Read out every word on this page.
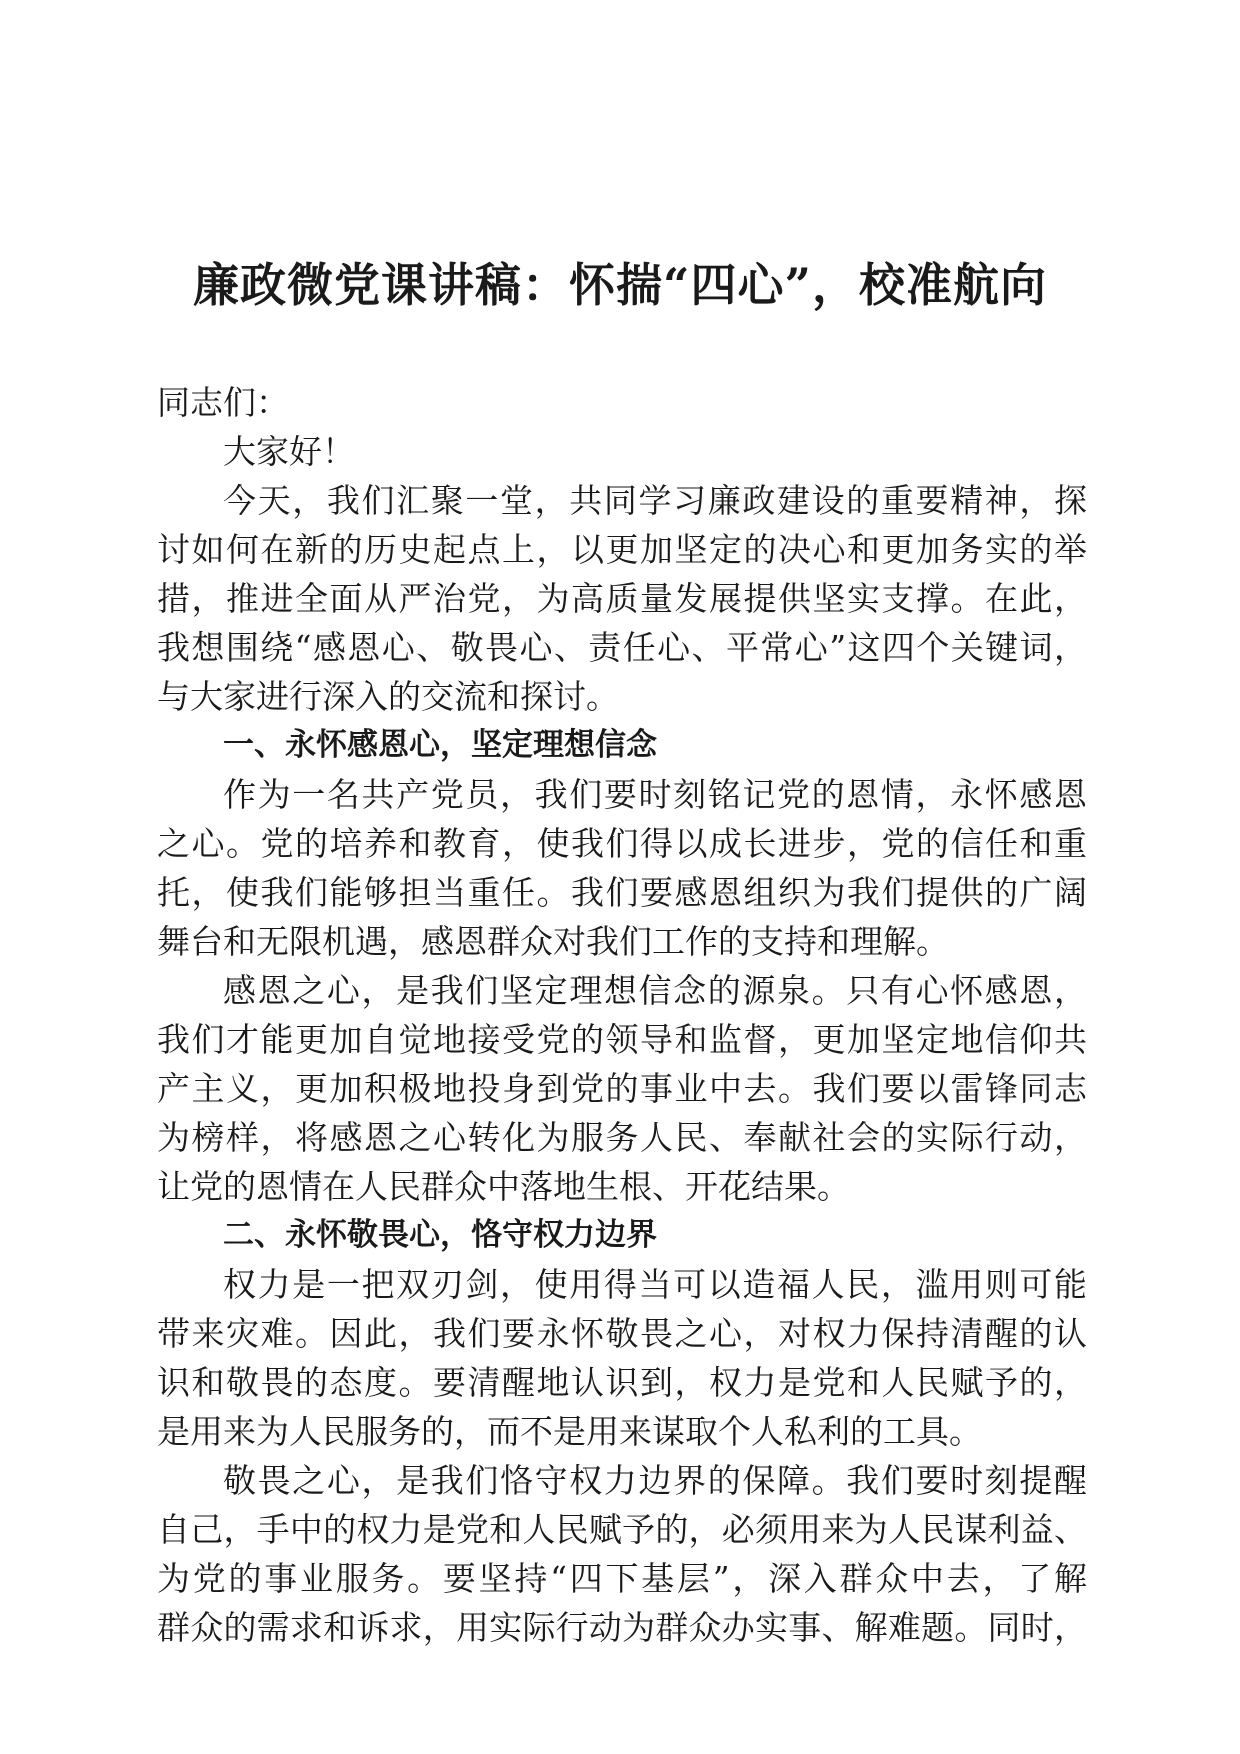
廉政微党课讲稿：怀揣“四心”，校准航向
同志们：
大家好！
今天，我们汇聚一堂，共同学习廉政建设的重要精神，探
讨如何在新的历史起点上，以更加坚定的决心和更加务实的举
措，推进全面从严治党，为高质量发展提供坚实支撑。在此，
我想围绕“感恩心、敬畏心、责任心、平常心”这四个关键词，
与大家进行深入的交流和探讨。
一、永怀感恩心，坚定理想信念
作为一名共产党员，我们要时刻铭记党的恩情，永怀感恩
之心。党的培养和教育，使我们得以成长进步，党的信任和重
托，使我们能够担当重任。我们要感恩组织为我们提供的广阔
舞台和无限机遇，感恩群众对我们工作的支持和理解。
感恩之心，是我们坚定理想信念的源泉。只有心怀感恩，
我们才能更加自觉地接受党的领导和监督，更加坚定地信仰共
产主义，更加积极地投身到党的事业中去。我们要以雷锋同志
为榜样，将感恩之心转化为服务人民、奉献社会的实际行动，
让党的恩情在人民群众中落地生根、开花结果。
二、永怀敬畏心，恪守权力边界
权力是一把双刃剑，使用得当可以造福人民，滥用则可能
带来灾难。因此，我们要永怀敬畏之心，对权力保持清醒的认
识和敬畏的态度。要清醒地认识到，权力是党和人民赋予的，
是用来为人民服务的，而不是用来谋取个人私利的工具。
敬畏之心，是我们恪守权力边界的保障。我们要时刻提醒
自己，手中的权力是党和人民赋予的，必须用来为人民谋利益、
为党的事业服务。要坚持“四下基层”，深入群众中去，了解
群众的需求和诉求，用实际行动为群众办实事、解难题。同时，
